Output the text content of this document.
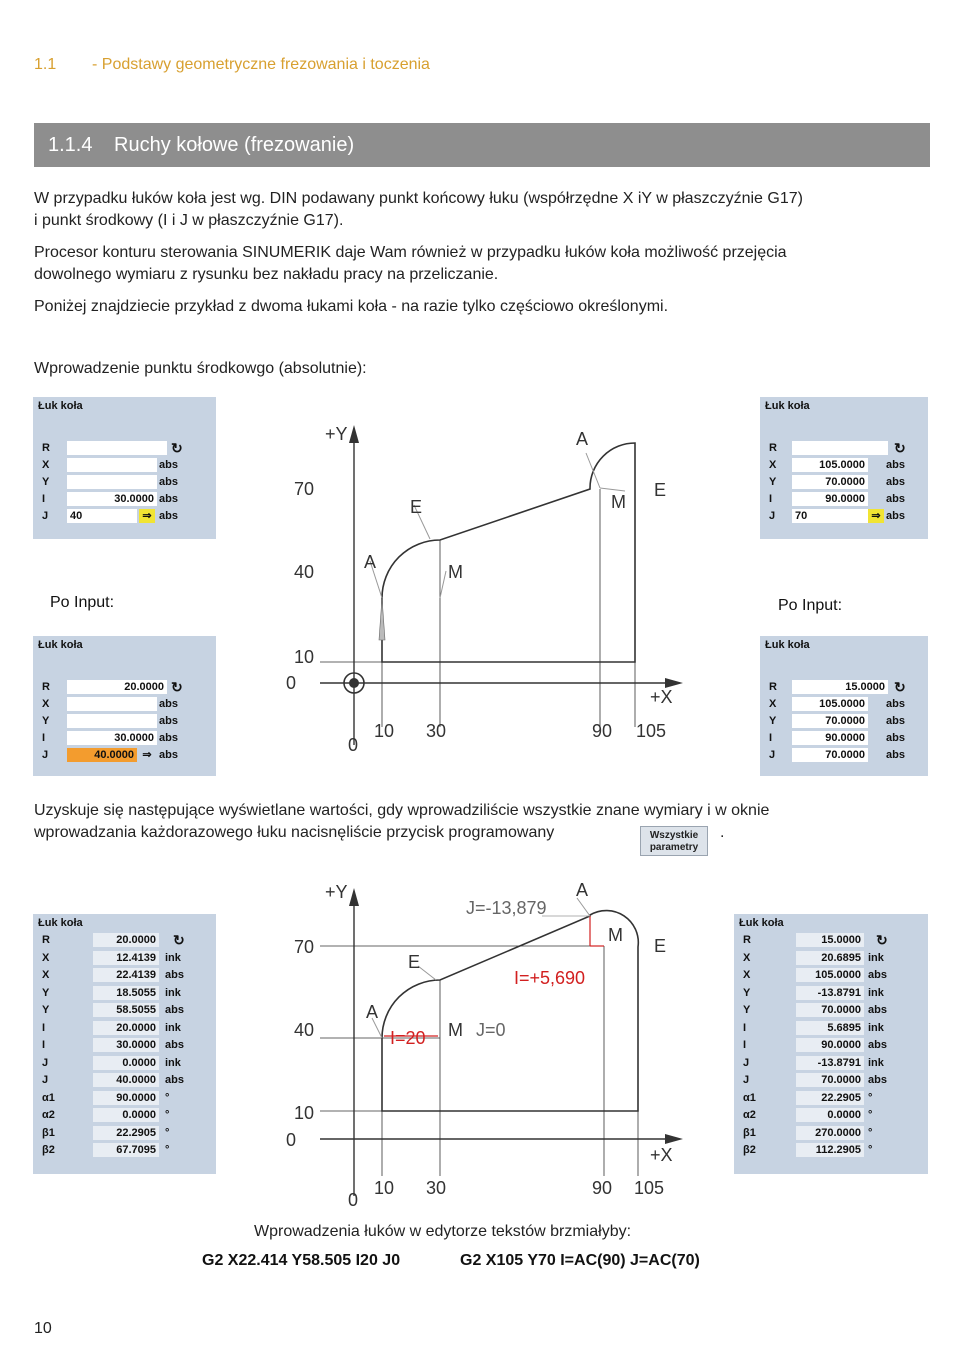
1.1 - Podstawy geometryczne frezowania i toczenia
1.1.4 Ruchy kołowe (frezowanie)
W przypadku łuków koła jest wg. DIN podawany punkt końcowy łuku (współrzędne X iY w płaszczyźnie G17)
i punkt środkowy (I i J w płaszczyźnie G17).
Procesor konturu sterowania SINUMERIK daje Wam również w przypadku łuków koła możliwość przejęcia
dowolnego wymiaru z rysunku bez nakładu pracy na przeliczanie.
Poniżej znajdziecie przykład z dwoma łukami koła - na razie tylko częściowo określonymi.
Wprowadzenie punktu środkowgo (absolutnie):
Po Input:	Po Input:
Łuk koła
R	↻
X	abs
Y	abs
I	30.0000 abs
J 40	⇒ abs
Łuk koła
R	↻
X	105.0000 abs
Y	70.0000 abs
I	90.0000 abs
J 70	⇒ abs
Łuk koła
R	20.0000 ↻
X	abs
Y	abs
I	30.0000 abs
J	40.0000 ⇒ abs
Łuk koła
R	15.0000 ↻
X	105.0000 abs
Y	70.0000 abs
I	90.0000 abs
J	70.0000 abs
+Y
+X
70
40
10
0
0
10 30	90 105
A
E	M
E
A	M
Uzyskuje się następujące wyświetlane wartości, gdy wprowadziliście wszystkie znane wymiary i w oknie
wprowadzania każdorazowego łuku nacisnęliście przycisk programowany	Wszystkie
parametry
.
Łuk koła
R	20.0000 ↻
X	12.4139 ink
X	22.4139 abs
Y	18.5055 ink
Y	58.5055 abs
I	20.0000 ink
I	30.0000 abs
J	0.0000 ink
J	40.0000 abs
α1	90.0000 °
α2	0.0000 °
β1	22.2905 °
β2	67.7095 °
Łuk koła
R	15.0000 ↻
X	20.6895 ink
X	105.0000 abs
Y	-13.8791 ink
Y	70.0000 abs
I	5.6895 ink
I	90.0000 abs
J	-13.8791 ink
J	70.0000 abs
α1	22.2905 °
α2	0.0000 °
β1	270.0000 °
β2	112.2905 °
+Y
+X
70
40
10
0
0
10 30	90 105
A
E
M
E
A
M
J=-13,879
I=+5,690
I=20	J=0
Wprowadzenia łuków w edytorze tekstów brzmiałyby:
G2 X22.414 Y58.505 I20 J0	G2 X105 Y70 I=AC(90) J=AC(70)
10
